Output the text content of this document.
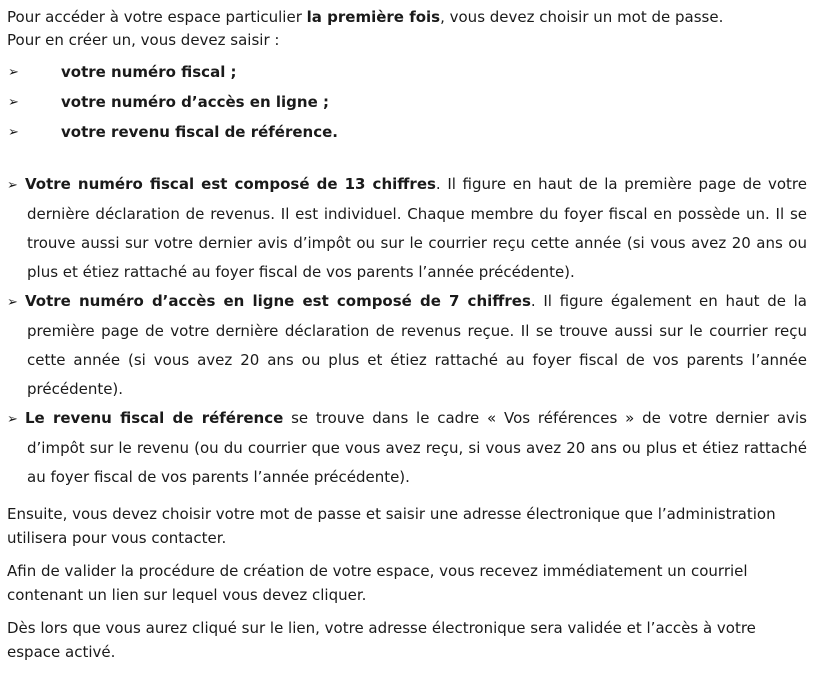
Pour accéder à votre espace particulier la première fois, vous devez choisir un mot de passe.
Pour en créer un, vous devez saisir :

➢	votre numéro fiscal ;
➢	votre numéro d’accès en ligne ;
➢	votre revenu fiscal de référence.

➢ Votre numéro fiscal est composé de 13 chiffres. Il figure en haut de la première page de votre dernière déclaration de revenus. Il est individuel. Chaque membre du foyer fiscal en possède un. Il se trouve aussi sur votre dernier avis d’impôt ou sur le courrier reçu cette année (si vous avez 20 ans ou plus et étiez rattaché au foyer fiscal de vos parents l’année précédente).

➢ Votre numéro d’accès en ligne est composé de 7 chiffres. Il figure également en haut de la première page de votre dernière déclaration de revenus reçue. Il se trouve aussi sur le courrier reçu cette année (si vous avez 20 ans ou plus et étiez rattaché au foyer fiscal de vos parents l’année précédente).

➢ Le revenu fiscal de référence se trouve dans le cadre « Vos références » de votre dernier avis d’impôt sur le revenu (ou du courrier que vous avez reçu, si vous avez 20 ans ou plus et étiez rattaché au foyer fiscal de vos parents l’année précédente).

Ensuite, vous devez choisir votre mot de passe et saisir une adresse électronique que l’administration utilisera pour vous contacter.

Afin de valider la procédure de création de votre espace, vous recevez immédiatement un courriel contenant un lien sur lequel vous devez cliquer.

Dès lors que vous aurez cliqué sur le lien, votre adresse électronique sera validée et l’accès à votre espace activé.
